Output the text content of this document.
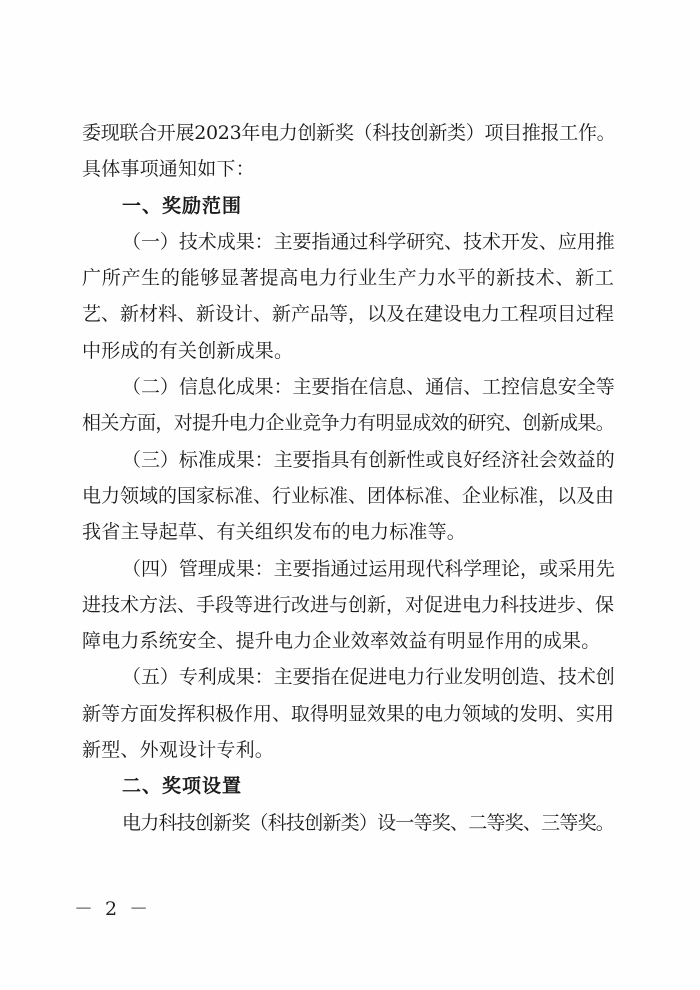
委现联合开展2023年电力创新奖（科技创新类）项目推报工作。
具体事项通知如下：
一、奖励范围
（一）技术成果：主要指通过科学研究、技术开发、应用推
广所产生的能够显著提高电力行业生产力水平的新技术、新工
艺、新材料、新设计、新产品等，以及在建设电力工程项目过程
中形成的有关创新成果。
（二）信息化成果：主要指在信息、通信、工控信息安全等
相关方面，对提升电力企业竞争力有明显成效的研究、创新成果。
（三）标准成果：主要指具有创新性或良好经济社会效益的
电力领域的国家标准、行业标准、团体标准、企业标准，以及由
我省主导起草、有关组织发布的电力标准等。
（四）管理成果：主要指通过运用现代科学理论，或采用先
进技术方法、手段等进行改进与创新，对促进电力科技进步、保
障电力系统安全、提升电力企业效率效益有明显作用的成果。
（五）专利成果：主要指在促进电力行业发明创造、技术创
新等方面发挥积极作用、取得明显效果的电力领域的发明、实用
新型、外观设计专利。
二、奖项设置
电力科技创新奖（科技创新类）设一等奖、二等奖、三等奖。
－ 2 －
